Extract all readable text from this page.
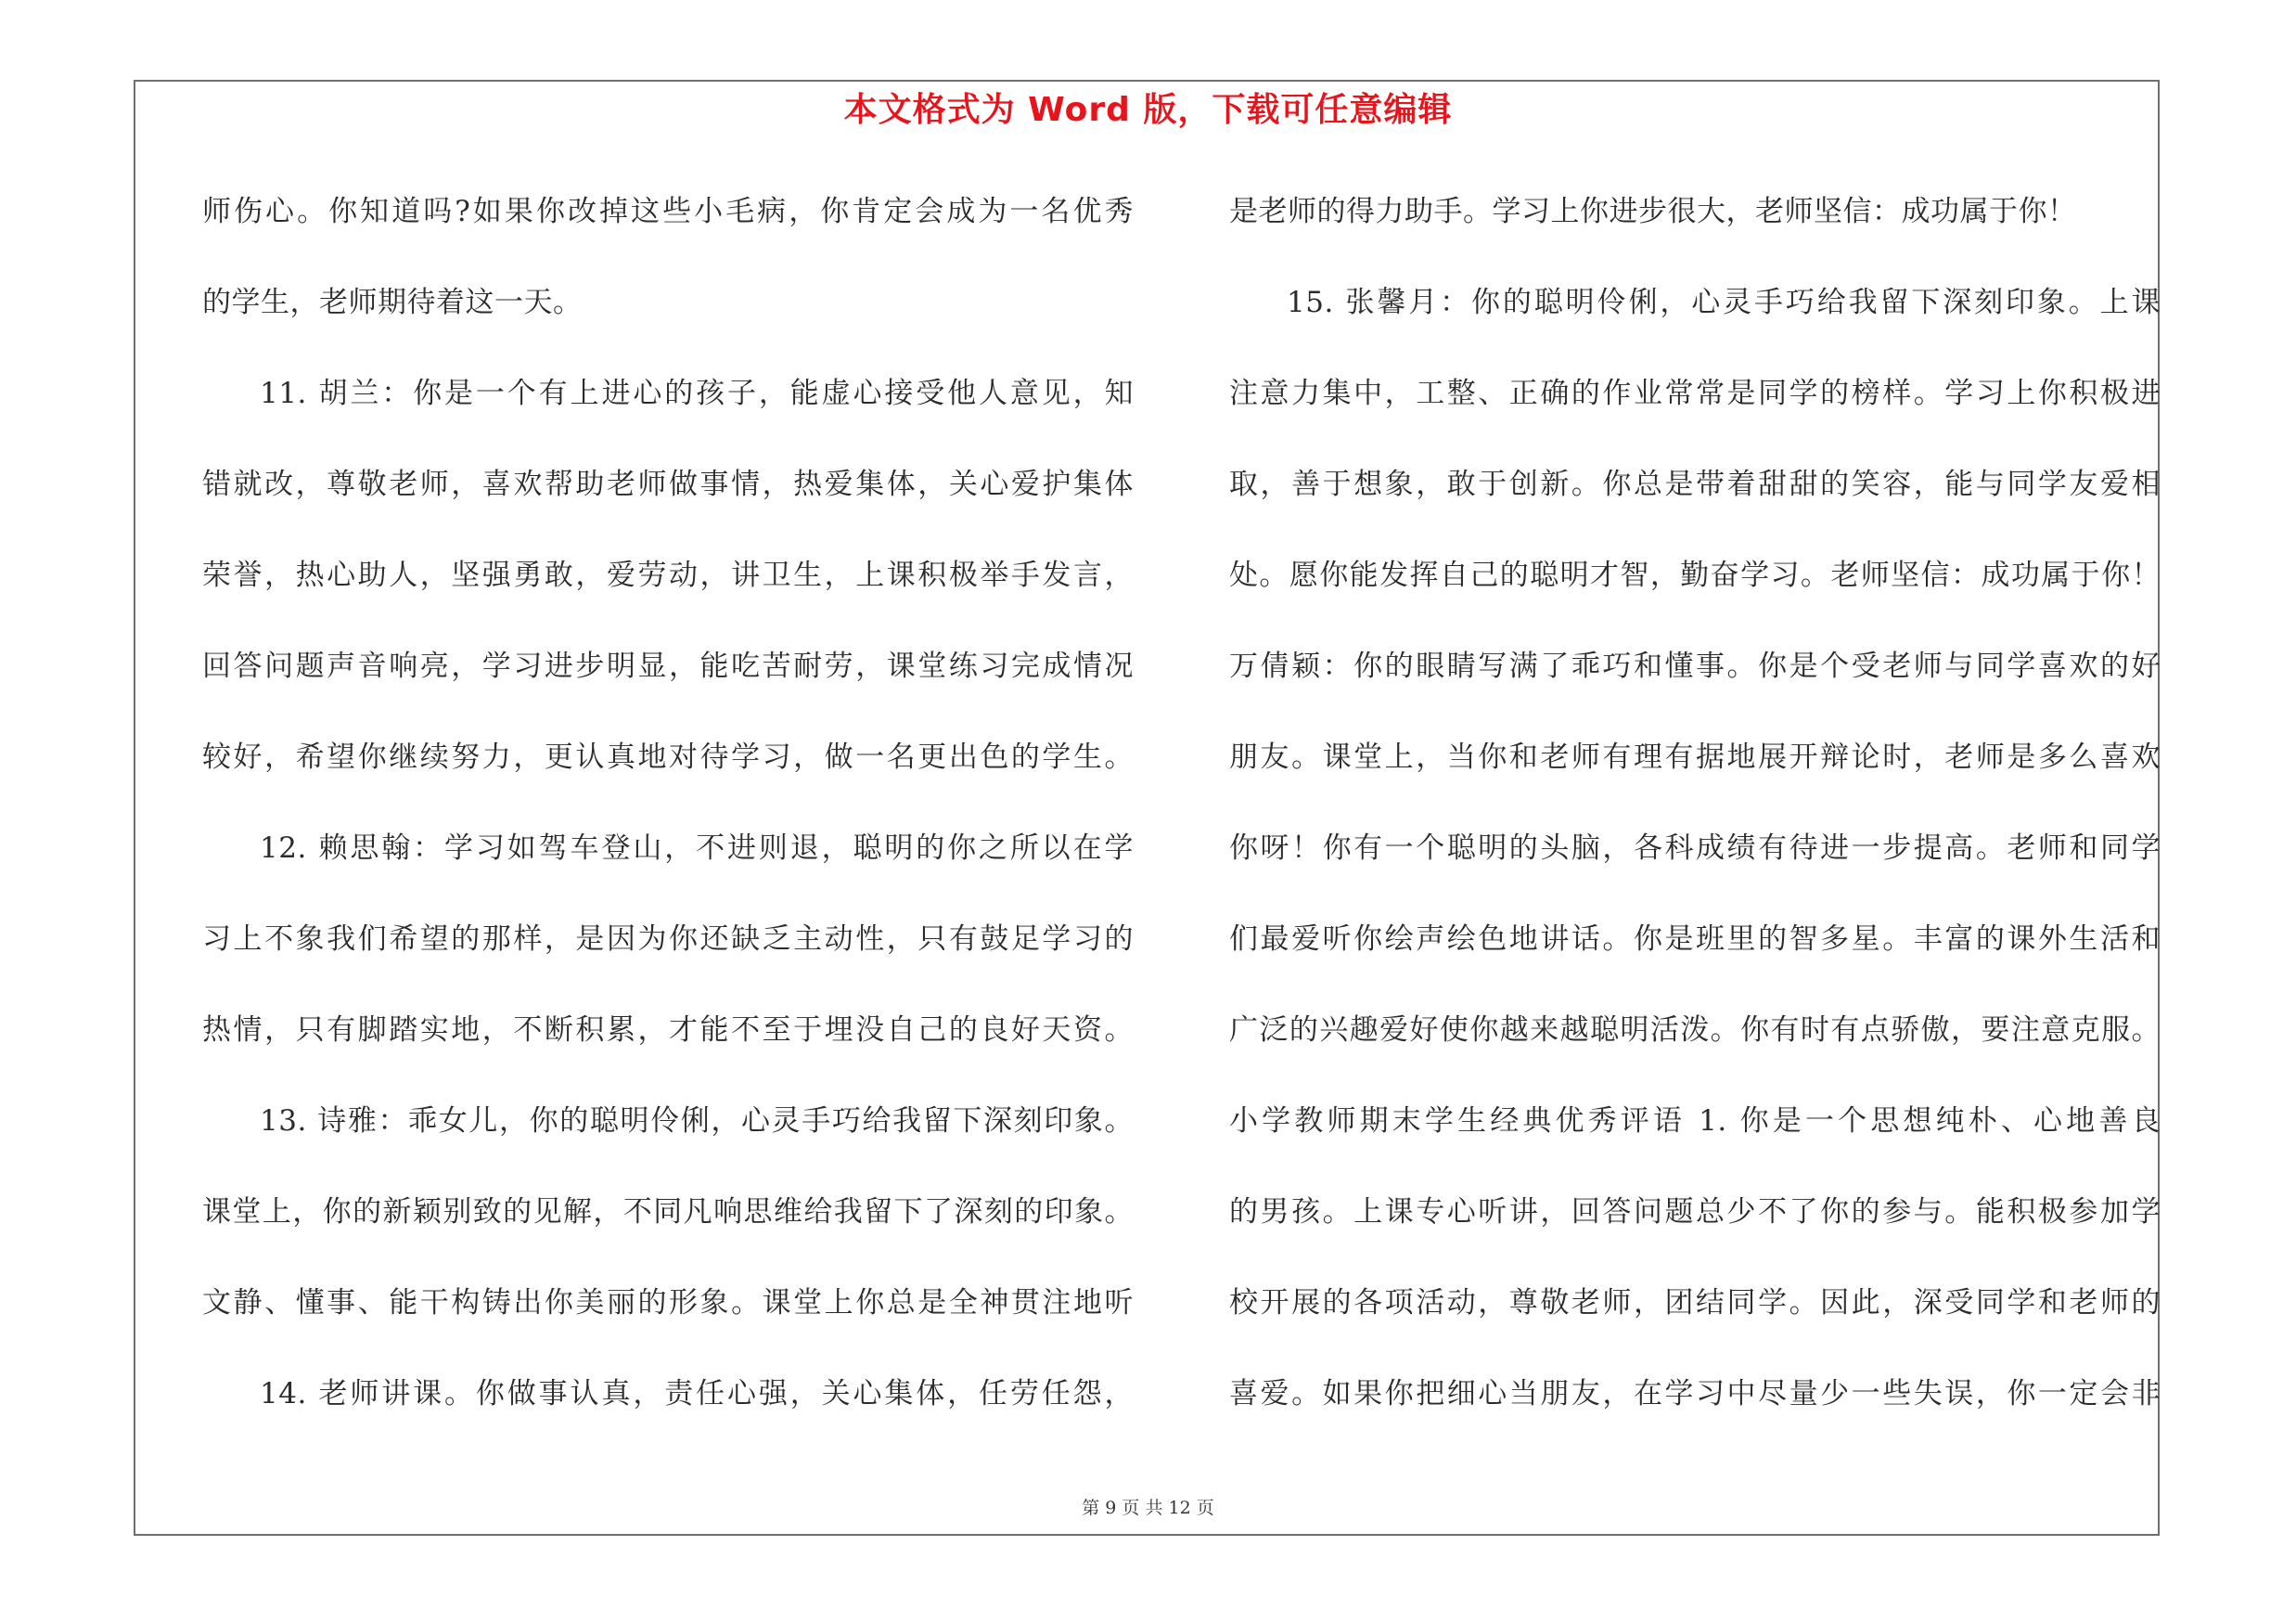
本文格式为 Word 版，下载可任意编辑
师伤心。你知道吗?如果你改掉这些小毛病，你肯定会成为一名优秀
的学生，老师期待着这一天。
11. 胡兰：你是一个有上进心的孩子，能虚心接受他人意见，知
错就改，尊敬老师，喜欢帮助老师做事情，热爱集体，关心爱护集体
荣誉，热心助人，坚强勇敢，爱劳动，讲卫生，上课积极举手发言，
回答问题声音响亮，学习进步明显，能吃苦耐劳，课堂练习完成情况
较好，希望你继续努力，更认真地对待学习，做一名更出色的学生。
12. 赖思翰：学习如驾车登山，不进则退，聪明的你之所以在学
习上不象我们希望的那样，是因为你还缺乏主动性，只有鼓足学习的
热情，只有脚踏实地，不断积累，才能不至于埋没自己的良好天资。
13. 诗雅：乖女儿，你的聪明伶俐，心灵手巧给我留下深刻印象。
课堂上，你的新颖别致的见解，不同凡响思维给我留下了深刻的印象。
文静、懂事、能干构铸出你美丽的形象。课堂上你总是全神贯注地听
14. 老师讲课。你做事认真，责任心强，关心集体，任劳任怨，
是老师的得力助手。学习上你进步很大，老师坚信：成功属于你！
15. 张馨月：你的聪明伶俐，心灵手巧给我留下深刻印象。上课
注意力集中，工整、正确的作业常常是同学的榜样。学习上你积极进
取，善于想象，敢于创新。你总是带着甜甜的笑容，能与同学友爱相
处。愿你能发挥自己的聪明才智，勤奋学习。老师坚信：成功属于你！
万倩颖：你的眼睛写满了乖巧和懂事。你是个受老师与同学喜欢的好
朋友。课堂上，当你和老师有理有据地展开辩论时，老师是多么喜欢
你呀！你有一个聪明的头脑，各科成绩有待进一步提高。老师和同学
们最爱听你绘声绘色地讲话。你是班里的智多星。丰富的课外生活和
广泛的兴趣爱好使你越来越聪明活泼。你有时有点骄傲，要注意克服。
小学教师期末学生经典优秀评语 1. 你是一个思想纯朴、心地善良
的男孩。上课专心听讲，回答问题总少不了你的参与。能积极参加学
校开展的各项活动，尊敬老师，团结同学。因此，深受同学和老师的
喜爱。如果你把细心当朋友，在学习中尽量少一些失误，你一定会非
第 9 页 共 12 页
